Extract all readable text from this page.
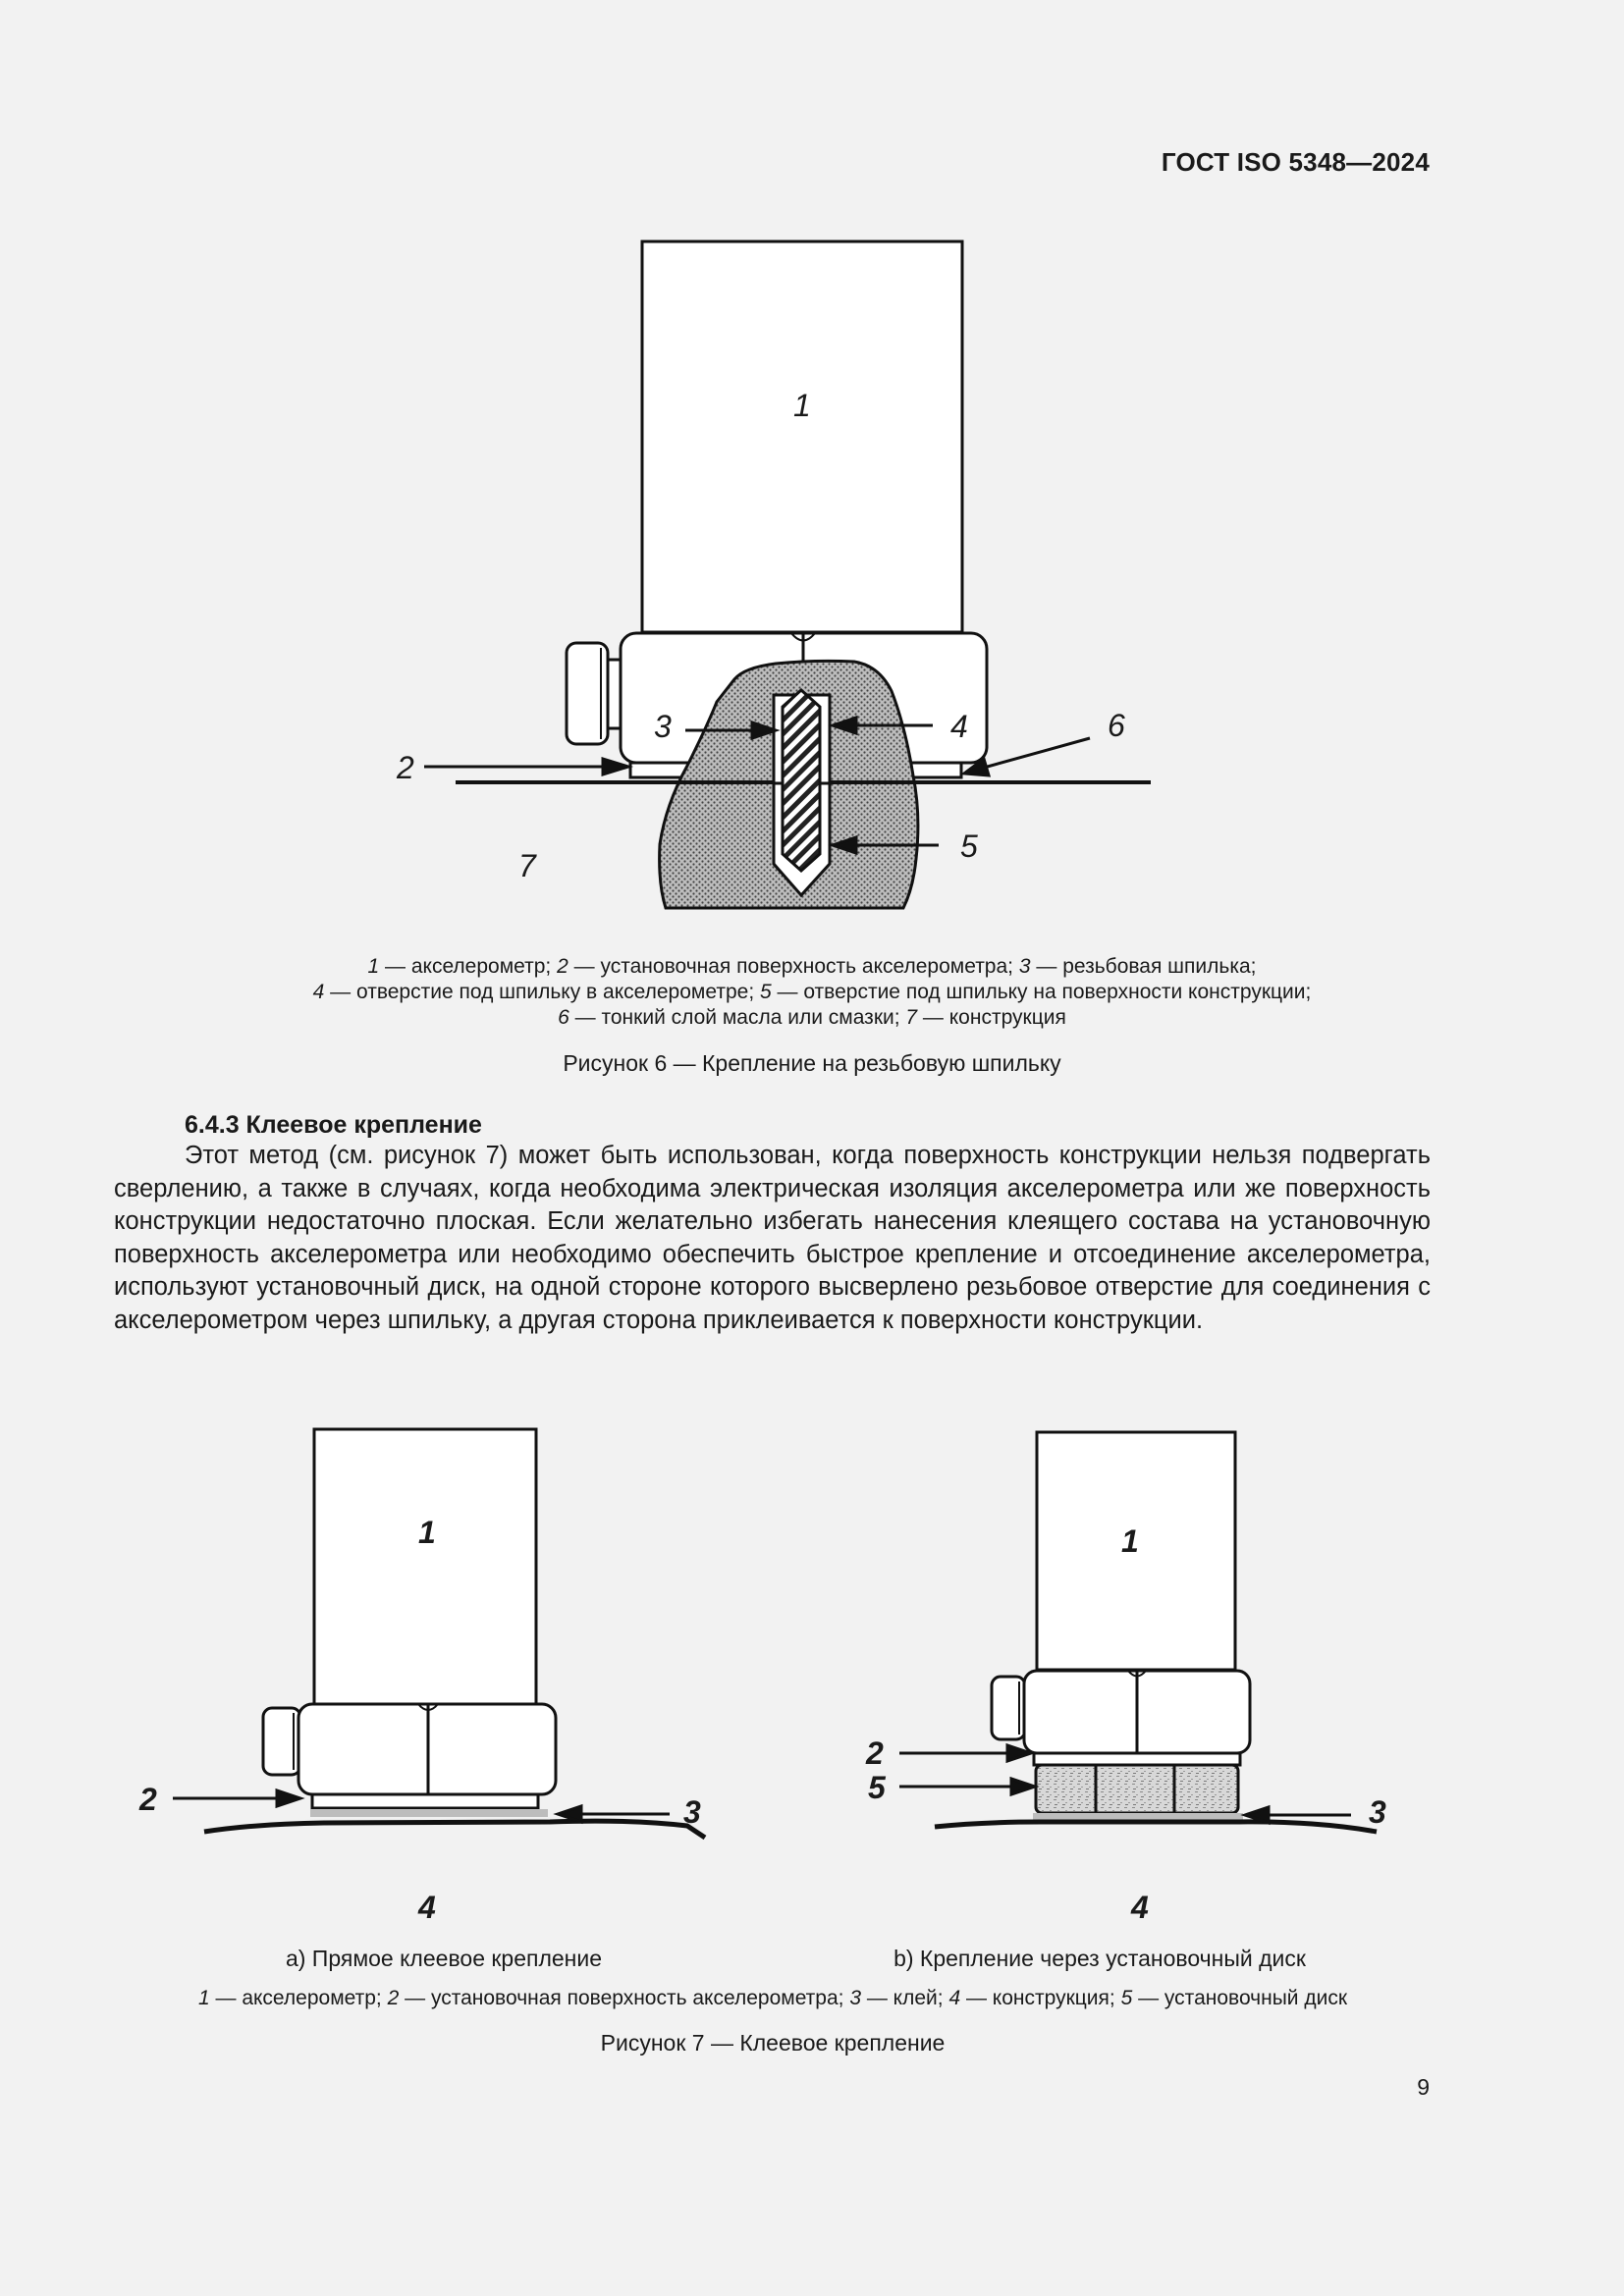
ГОСТ ISO 5348—2024
1
2
3	4
5
6
7
1 — акселерометр; 2 — установочная поверхность акселерометра; 3 — резьбовая шпилька;
4 — отверстие под шпильку в акселерометре; 5 — отверстие под шпильку на поверхности конструкции;
6 — тонкий слой масла или смазки; 7 — конструкция
Рисунок 6 — Крепление на резьбовую шпильку
6.4.3 Клеевое крепление

Этот метод (см. рисунок 7) может быть использован, когда поверхность конструкции нельзя подвергать сверлению, а также в случаях, когда необходима электрическая изоляция акселерометра или же поверхность конструкции недостаточно плоская. Если желательно избегать нанесения клеящего состава на установочную поверхность акселерометра или необходимо обеспечить быстрое крепление и отсоединение акселерометра, используют установочный диск, на одной стороне которого высверлено резьбовое отверстие для соединения с акселерометром через шпильку, а другая сторона приклеивается к поверхности конструкции.

1
2	3
4
1
2
5
3
4
a) Прямое клеевое крепление	b) Крепление через установочный диск
1 — акселерометр; 2 — установочная поверхность акселерометра; 3 — клей; 4 — конструкция; 5 — установочный диск
Рисунок 7 — Клеевое крепление
9
